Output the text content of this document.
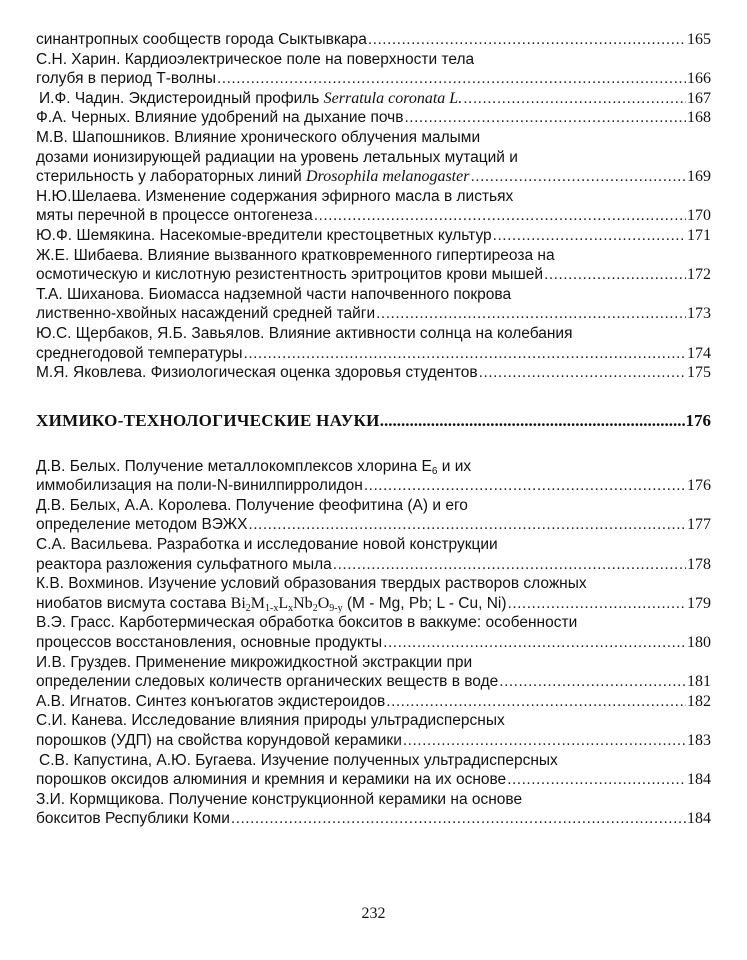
синантропных сообществ города Сыктывкара .....	165
С.Н. Харин. Кардиоэлектрическое поле на поверхности тела
голубя в период Т-волны .....	166
И.Ф. Чадин. Экдистероидный профиль Serratula coronata L. .....	167
Ф.А. Черных. Влияние удобрений на дыхание почв .....	168
М.В. Шапошников. Влияние хронического облучения малыми
дозами ионизирующей радиации на уровень летальных мутаций и
стерильность у лабораторных линий Drosophila melanogaster .....	169
Н.Ю.Шелаева. Изменение содержания эфирного масла в листьях
мяты перечной в процессе онтогенеза .....	170
Ю.Ф. Шемякина. Насекомые-вредители крестоцветных культур .....	171
Ж.Е. Шибаева. Влияние вызванного кратковременного гипертиреоза на
осмотическую и кислотную резистентность эритроцитов крови мышей .....	172
Т.А. Шиханова. Биомасса надземной части напочвенного покрова
лиственно-хвойных насаждений средней тайги .....	173
Ю.С. Щербаков, Я.Б. Завьялов. Влияние активности солнца на колебания
среднегодовой температуры .....	174
М.Я. Яковлева. Физиологическая оценка здоровья студентов .....	175
ХИМИКО-ТЕХНОЛОГИЧЕСКИЕ НАУКИ .....	176
Д.В. Белых. Получение металлокомплексов хлорина $E_6$ и их
иммобилизация на поли-N-винилпирролидон .....	176
Д.В. Белых, А.А. Королева. Получение феофитина (А) и его
определение методом ВЭЖХ .....	177
С.А. Васильева. Разработка и исследование новой конструкции
реактора разложения сульфатного мыла .....	178
К.В. Вохминов. Изучение условий образования твердых растворов сложных
ниобатов висмута состава $Bi_2M_{1-x}L_xNb_2O_{9-y}$ (M - Mg, Pb; L - Cu, Ni) .....	179
В.Э. Грасс. Карботермическая обработка бокситов в ваккуме: особенности
процессов восстановления, основные продукты .....	180
И.В. Груздев. Применение микрожидкостной экстракции при
определении следовых количеств органических веществ в воде .....	181
А.В. Игнатов. Синтез конъюгатов экдистероидов .....	182
С.И. Канева. Исследование влияния природы ультрадисперсных
порошков (УДП) на свойства корундовой керамики .....	183
С.В. Капустина, А.Ю. Бугаева. Изучение полученных ультрадисперсных
порошков оксидов алюминия и кремния и керамики на их основе .....	184
З.И. Кормщикова. Получение конструкционной керамики на основе
бокситов Республики Коми .....	184
232
